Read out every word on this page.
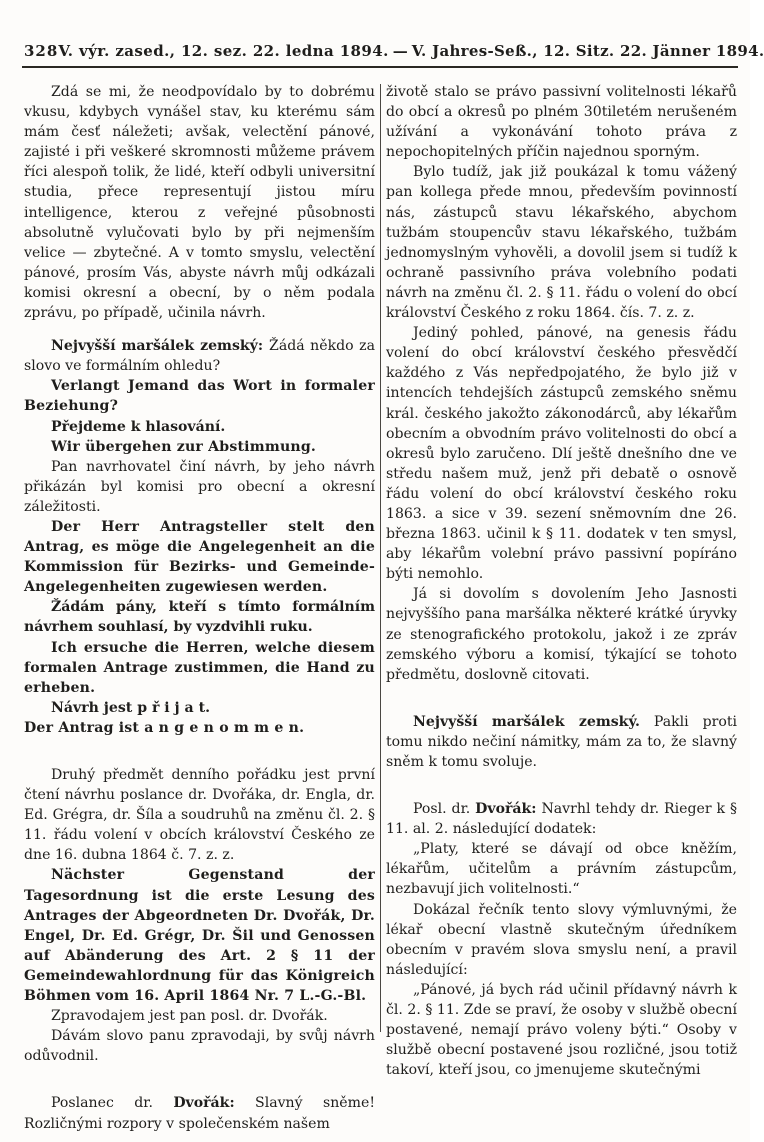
328 V. výr. zased., 12. sez. 22. ledna 1894. — V. Jahres-Seß., 12. Sitz. 22. Jänner 1894.

Zdá se mi, že neodpovídalo by to dobrému vkusu, kdybych vynášel stav, ku kterému sám mám česť náležeti; avšak, velectění pánové, zajisté i při veškeré skromnosti můžeme právem říci alespoň tolik, že lidé, kteří odbyli universitní studia, přece representují jistou míru intelligence, kterou z veřejné působnosti absolutně vylučovati bylo by při nejmenším velice — zbytečné. A v tomto smyslu, velectění pánové, prosím Vás, abyste návrh můj odkázali komisi okresní a obecní, by o něm podala zprávu, po případě, učinila návrh.

Nejvyšší maršálek zemský: Žádá někdo za slovo ve formálním ohledu?

Verlangt Jemand das Wort in formaler Beziehung?

Přejdeme k hlasování.

Wir übergehen zur Abstimmung.

Pan navrhovatel činí návrh, by jeho návrh přikázán byl komisi pro obecní a okresní záležitosti.

Der Herr Antragsteller stelt den Antrag, es möge die Angelegenheit an die Kommission für Bezirks- und Gemeinde-Angelegenheiten zugewiesen werden.

Žádám pány, kteří s tímto formálním návrhem souhlasí, by vyzdvihli ruku.

Ich ersuche die Herren, welche diesem formalen Antrage zustimmen, die Hand zu erheben.

Návrh jest p ř i j a t.

Der Antrag ist a n g e n o m m e n.

Druhý předmět denního pořádku jest první čtení návrhu poslance dr. Dvořáka, dr. Engla, dr. Ed. Grégra, dr. Šíla a soudruhů na změnu čl. 2. § 11. řádu volení v obcích království Českého ze dne 16. dubna 1864 č. 7. z. z.

Nächster Gegenstand der Tagesordnung ist die erste Lesung des Antrages der Abgeordneten Dr. Dvořák, Dr. Engel, Dr. Ed. Grégr, Dr. Šil und Genossen auf Abänderung des Art. 2 § 11 der Gemeindewahlordnung für das Königreich Böhmen vom 16. April 1864 Nr. 7 L.-G.-Bl.

Zpravodajem jest pan posl. dr. Dvořák.

Dávám slovo panu zpravodaji, by svůj návrh odůvodnil.

Poslanec dr. Dvořák: Slavný sněme! Rozličnými rozpory v společenském našem

životě stalo se právo passivní volitelnosti lékařů do obcí a okresů po plném 30tiletém nerušeném užívání a vykonávání tohoto práva z nepochopitelných příčin najednou sporným.

Bylo tudíž, jak již poukázal k tomu vážený pan kollega přede mnou, především povinností nás, zástupců stavu lékařského, abychom tužbám stoupencův stavu lékařského, tužbám jednomyslným vyhověli, a dovolil jsem si tudíž k ochraně passivního práva volebního podati návrh na změnu čl. 2. § 11. řádu o volení do obcí království Českého z roku 1864. čís. 7. z. z.

Jediný pohled, pánové, na genesis řádu volení do obcí království českého přesvědčí každého z Vás nepředpojatého, že bylo již v intencích tehdejších zástupců zemského sněmu král. českého jakožto zákonodárců, aby lékařům obecním a obvodním právo volitelnosti do obcí a okresů bylo zaručeno. Dlí ještě dnešního dne ve středu našem muž, jenž při debatě o osnově řádu volení do obcí království českého roku 1863. a sice v 39. sezení sněmovním dne 26. března 1863. učinil k § 11. dodatek v ten smysl, aby lékařům volební právo passivní popíráno býti nemohlo.

Já si dovolím s dovolením Jeho Jasnosti nejvyššího pana maršálka některé krátké úryvky ze stenografického protokolu, jakož i ze zpráv zemského výboru a komisí, týkající se tohoto předmětu, doslovně citovati.

Nejvyšší maršálek zemský. Pakli proti tomu nikdo nečiní námitky, mám za to, že slavný sněm k tomu svoluje.

Posl. dr. Dvořák: Navrhl tehdy dr. Rieger k § 11. al. 2. následující dodatek:

„Platy, které se dávají od obce kněžím, lékařům, učitelům a právním zástupcům, nezbavují jich volitelnosti.“

Dokázal řečník tento slovy výmluvnými, že lékař obecní vlastně skutečným úředníkem obecním v pravém slova smyslu není, a pravil následující:

„Pánové, já bych rád učinil přídavný návrh k čl. 2. § 11. Zde se praví, že osoby v službě obecní postavené, nemají právo voleny býti.“ Osoby v službě obecní postavené jsou rozličné, jsou totiž takoví, kteří jsou, co jmenujeme skutečnými
